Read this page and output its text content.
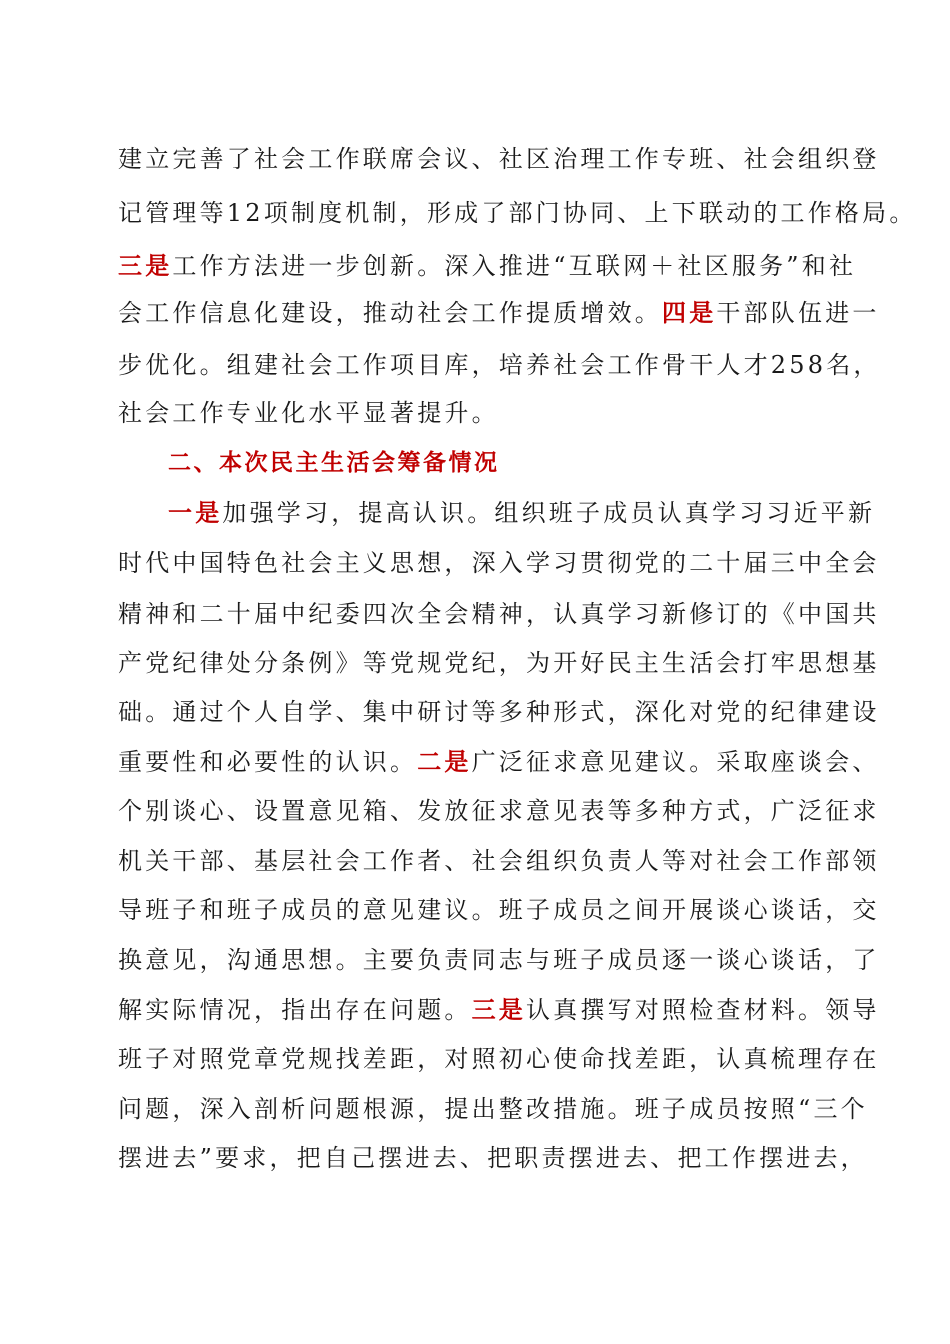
建立完善了社会工作联席会议、社区治理工作专班、社会组织登
记管理等12项制度机制，形成了部门协同、上下联动的工作格局。
三是工作方法进一步创新。深入推进“互联网＋社区服务”和社
会工作信息化建设，推动社会工作提质增效。四是干部队伍进一
步优化。组建社会工作项目库，培养社会工作骨干人才258名，
社会工作专业化水平显著提升。
二、本次民主生活会筹备情况
一是加强学习，提高认识。组织班子成员认真学习习近平新
时代中国特色社会主义思想，深入学习贯彻党的二十届三中全会
精神和二十届中纪委四次全会精神，认真学习新修订的《中国共
产党纪律处分条例》等党规党纪，为开好民主生活会打牢思想基
础。通过个人自学、集中研讨等多种形式，深化对党的纪律建设
重要性和必要性的认识。二是广泛征求意见建议。采取座谈会、
个别谈心、设置意见箱、发放征求意见表等多种方式，广泛征求
机关干部、基层社会工作者、社会组织负责人等对社会工作部领
导班子和班子成员的意见建议。班子成员之间开展谈心谈话，交
换意见，沟通思想。主要负责同志与班子成员逐一谈心谈话，了
解实际情况，指出存在问题。三是认真撰写对照检查材料。领导
班子对照党章党规找差距，对照初心使命找差距，认真梳理存在
问题，深入剖析问题根源，提出整改措施。班子成员按照“三个
摆进去”要求，把自己摆进去、把职责摆进去、把工作摆进去，
